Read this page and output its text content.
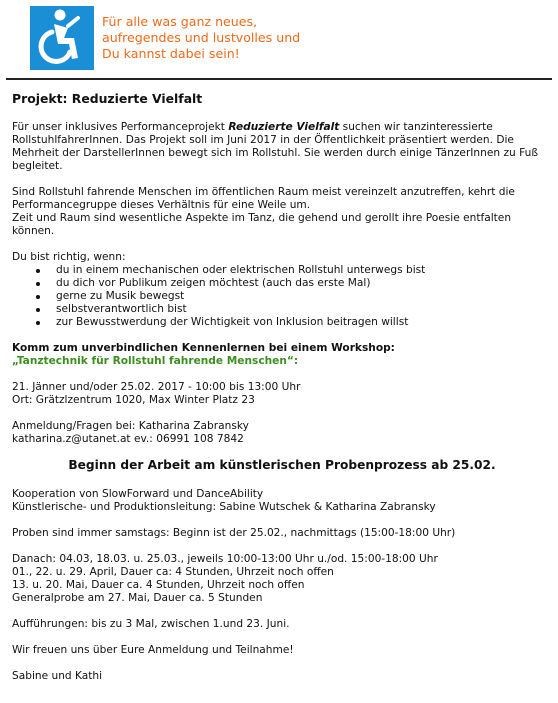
Für alle was ganz neues,
aufregendes und lustvolles und
Du kannst dabei sein!
Projekt: Reduzierte Vielfalt

Für unser inklusives Performanceprojekt Reduzierte Vielfalt suchen wir tanzinteressierte RollstuhlfahrerInnen. Das Projekt soll im Juni 2017 in der Öffentlichkeit präsentiert werden. Die Mehrheit der DarstellerInnen bewegt sich im Rollstuhl. Sie werden durch einige TänzerInnen zu Fuß begleitet.

Sind Rollstuhl fahrende Menschen im öffentlichen Raum meist vereinzelt anzutreffen, kehrt die Performancegruppe dieses Verhältnis für eine Weile um.
Zeit und Raum sind wesentliche Aspekte im Tanz, die gehend und gerollt ihre Poesie entfalten können.

Du bist richtig, wenn:
du in einem mechanischen oder elektrischen Rollstuhl unterwegs bist
du dich vor Publikum zeigen möchtest (auch das erste Mal)
gerne zu Musik bewegst
selbstverantwortlich bist
zur Bewusstwerdung der Wichtigkeit von Inklusion beitragen willst
Komm zum unverbindlichen Kennenlernen bei einem Workshop:

„Tanztechnik für Rollstuhl fahrende Menschen“:

21. Jänner und/oder 25.02. 2017 - 10:00 bis 13:00 Uhr
Ort: Grätzlzentrum 1020, Max Winter Platz 23

Anmeldung/Fragen bei: Katharina Zabransky
katharina.z@utanet.at ev.: 06991 108 7842

Beginn der Arbeit am künstlerischen Probenprozess ab 25.02.

Kooperation von SlowForward und DanceAbility
Künstlerische- und Produktionsleitung: Sabine Wutschek & Katharina Zabransky

Proben sind immer samstags: Beginn ist der 25.02., nachmittags (15:00-18:00 Uhr)

Danach: 04.03, 18.03. u. 25.03., jeweils 10:00-13:00 Uhr u./od. 15:00-18:00 Uhr
01., 22. u. 29. April, Dauer ca: 4 Stunden, Uhrzeit noch offen
13. u. 20. Mai, Dauer ca. 4 Stunden, Uhrzeit noch offen
Generalprobe am 27. Mai, Dauer ca. 5 Stunden

Aufführungen: bis zu 3 Mal, zwischen 1.und 23. Juni.

Wir freuen uns über Eure Anmeldung und Teilnahme!

Sabine und Kathi
